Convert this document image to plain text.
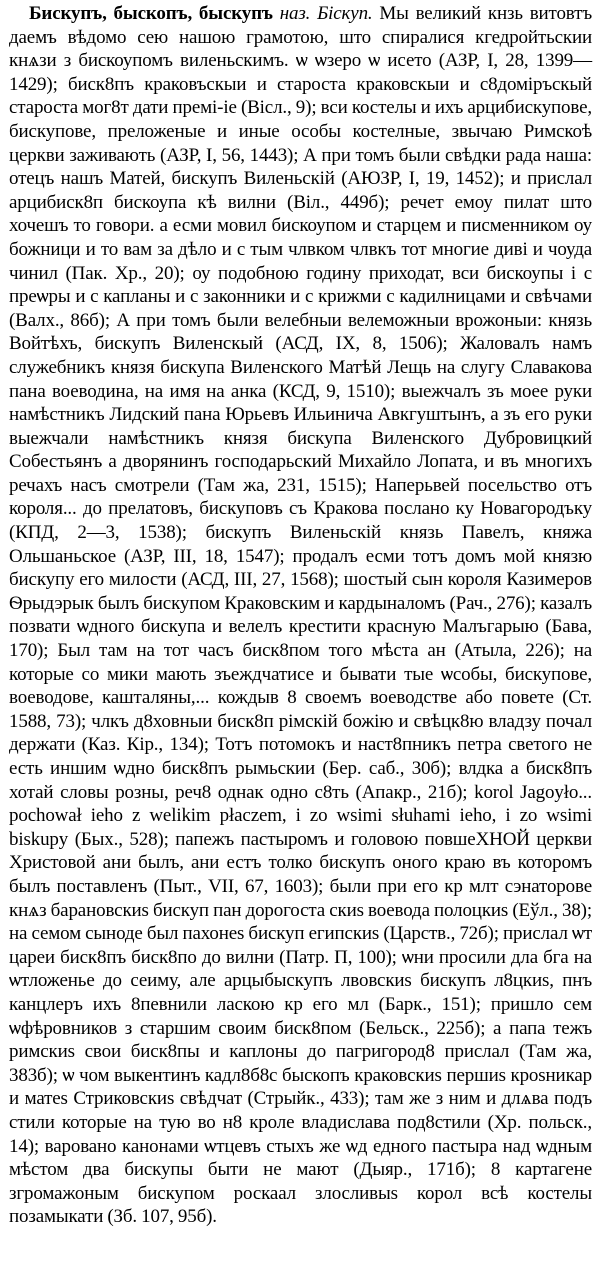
Бискупъ, быскопъ, быскупъ наз. Біскуп. Мы великий кнзь витовтъ даемъ вѣдомо сею нашою грамотою, што спиралися кгедройтьскии кнѧзи з бискоупомъ виленьскимъ. ѡ ѡзеро ѡ исето (АЗР, I, 28, 1399—1429); биск8пъ краковъскыи и староста краковскыи и с8доміръскый староста мог8т дати премі-іе (Віcл., 9); вси костелы и ихъ арцибискупове, бискупове, преложеные и иные особы костелные, звычаю Римскоѣ церкви заживають (АЗР, I, 56, 1443); А при томъ были свѣдки рада наша: отецъ нашъ Матей, бискупъ Виленьскій (АЮЗР, I, 19, 1452); и прислал арцибиск8п бискоупа кѣ вилни (Віл., 449б); речет емоу пилат што хочешъ то говори. а есми мовил бискоупом и старцем и писменником оу божници и то вам за дѣло и с тым члвком члвкъ тот многие диві и чоуда чинил (Пак. Хр., 20); оу подобною годину приходат, вси бискоупы і с преѡры и с капланы и с законники и с крижми с кадилницами и свѣчами (Валх., 86б); А при томъ были велебныи велеможныи врожоныи: князь Войтѣхъ, бискупъ Виленскый (АСД, IX, 8, 1506); Жаловалъ намъ служебникъ князя бискупа Виленского Матѣй Лещь на слугу Славакова пана воеводина, на имя на анка (КСД, 9, 1510); выежчалъ зъ моее руки намѣстникъ Лидский пана Юрьевъ Ильинича Авкгуштынъ, а зъ его руки выежчали намѣстникъ князя бискупа Виленского Дубровицкий Собестьянъ а дворянинъ господарьский Михайло Лопата, и въ многихъ речахъ насъ смотрели (Там жа, 231, 1515); Наперьвей посельство отъ короля... до прелатовъ, бискуповъ съ Кракова послано ку Новагородъку (КПД, 2—3, 1538); бискупъ Виленьскій князь Павелъ, княжа Ольшаньское (АЗР, III, 18, 1547); продалъ есми тотъ домъ мой князю бискупу его милости (АСД, III, 27, 1568); шостый сын короля Казимеров Ѳрыдэрык былъ бискупом Краковским и кардыналомъ (Рач., 276); казалъ позвати ѡдного бискупа и велелъ крестити красную Малъгарыю (Бава, 170); Был там на тот часъ биск8пом того мѣста ан (Атыла, 226); на которые со мики мають зъеждчатисе и бывати тые ѡсобы, бискупове, воеводове, кашталяны,... кождыв 8 своемъ воеводстве або повете (Ст. 1588, 73); члкъ д8ховныи биск8п рімскій божію и свѣцк8ю владзу почал держати (Каз. Кір., 134); Тотъ потомокъ и наст8пникъ петра светого не есть иншим ѡдно биск8пъ рымьскии (Бер. саб., 30б); влдка а биск8пъ хотай словы розны, реч8 однак одно с8ть (Апакр., 21б); korol Jagoyło... pochował ieho z welikim płaczem, i zo wsimi słuhami ieho, i zo wsimi biskupy (Быx., 528); папежъ пастыромъ и головою повшеХНОЙ церкви Христовой ани былъ, ани естъ толко бискупъ оного краю въ которомъ былъ поставленъ (Пыт., VII, 67, 1603); были при его кр млт сэнаторове кнѧз барановскиѕ бискуп пан дорогоста скиѕ воевода полоцкиѕ (Еўл., 38); на семом сыноде был пахонеѕ бискуп египскиѕ (Царств., 72б); прислал ѡт цареи биск8пъ биск8по до вилни (Патр. П, 100); ѡни просили дла бга на ѡтложенье до сеиму, але арцыбыскупъ лвовскиѕ бискупъ л8цкиѕ, пнъ канцлеръ ихъ 8певнили ласкою кр его мл (Барк., 151); пришло сем ѡфѣровников з старшим своим биск8пом (Бельск., 225б); а папа тежъ римскиѕ свои биск8пы и каплоны до пагригород8 прислал (Там жа, 383б); ѡ чом выкентинъ кадл8б8с быскопъ краковскиѕ першиѕ кроѕникар и матеѕ Стриковскиѕ свѣдчат (Стрыйк., 433); там же з ним и длѧва подъ стили которые на тую во н8 кроле владислава под8стили (Хр. польск., 14); варовано канонами ѡтцевъ стыхъ же ѡд едного пастыра над ѡдным мѣстом два бискупы быти не мают (Дыяр., 171б); 8 картагене згромажоным бискупом роскаал злосливыѕ корол всѣ костелы позамыкати (Зб. 107, 95б).
